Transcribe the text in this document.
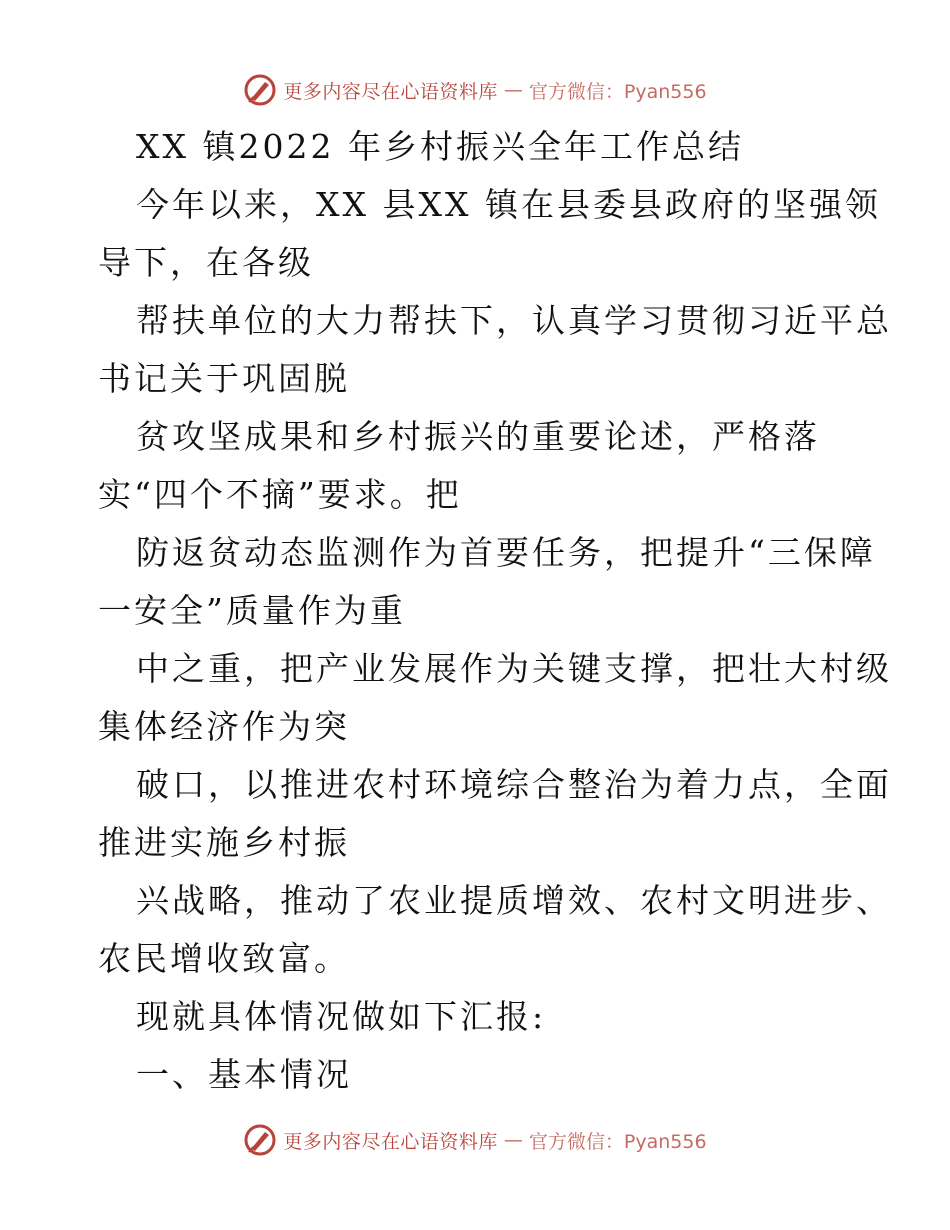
更多内容尽在心语资料库 — 官方微信：Pyan556
XX 镇2022 年乡村振兴全年工作总结
今年以来，XX 县XX 镇在县委县政府的坚强领
导下，在各级
帮扶单位的大力帮扶下，认真学习贯彻习近平总
书记关于巩固脱
贫攻坚成果和乡村振兴的重要论述，严格落
实“四个不摘”要求。把
防返贫动态监测作为首要任务，把提升“三保障
一安全”质量作为重
中之重，把产业发展作为关键支撑，把壮大村级
集体经济作为突
破口，以推进农村环境综合整治为着力点，全面
推进实施乡村振
兴战略，推动了农业提质增效、农村文明进步、
农民增收致富。
现就具体情况做如下汇报:
一、基本情况
更多内容尽在心语资料库 — 官方微信：Pyan556
